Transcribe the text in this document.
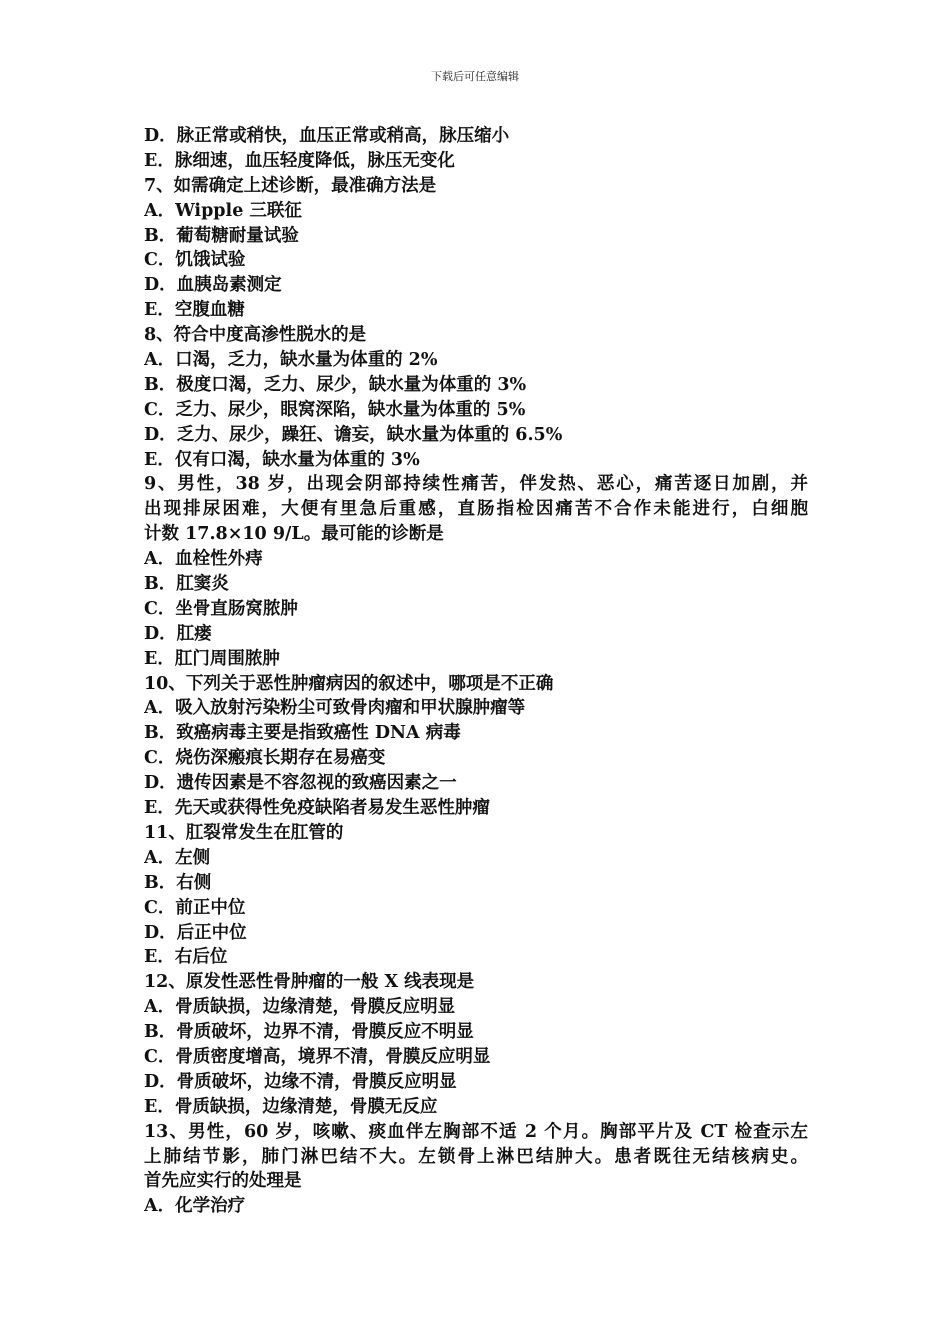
下载后可任意编辑
D．脉正常或稍快，血压正常或稍高，脉压缩小
E．脉细速，血压轻度降低，脉压无变化
7、如需确定上述诊断，最准确方法是
A．Wipple 三联征
B．葡萄糖耐量试验
C．饥饿试验
D．血胰岛素测定
E．空腹血糖
8、符合中度高渗性脱水的是
A．口渴，乏力，缺水量为体重的 2%
B．极度口渴，乏力、尿少，缺水量为体重的 3%
C．乏力、尿少，眼窝深陷，缺水量为体重的 5%
D．乏力、尿少，躁狂、谵妄，缺水量为体重的 6.5%
E．仅有口渴，缺水量为体重的 3%
9、男性，38 岁，出现会阴部持续性痛苦，伴发热、恶心，痛苦逐日加剧，并
出现排尿困难，大便有里急后重感，直肠指检因痛苦不合作未能进行，白细胞
计数 17.8×10 9/L。最可能的诊断是
A．血栓性外痔
B．肛窦炎
C．坐骨直肠窝脓肿
D．肛瘘
E．肛门周围脓肿
10、下列关于恶性肿瘤病因的叙述中，哪项是不正确
A．吸入放射污染粉尘可致骨肉瘤和甲状腺肿瘤等
B．致癌病毒主要是指致癌性 DNA 病毒
C．烧伤深瘢痕长期存在易癌变
D．遗传因素是不容忽视的致癌因素之一
E．先天或获得性免疫缺陷者易发生恶性肿瘤
11、肛裂常发生在肛管的
A．左侧
B．右侧
C．前正中位
D．后正中位
E．右后位
12、原发性恶性骨肿瘤的一般 X 线表现是
A．骨质缺损，边缘清楚，骨膜反应明显
B．骨质破坏，边界不清，骨膜反应不明显
C．骨质密度增高，境界不清，骨膜反应明显
D．骨质破坏，边缘不清，骨膜反应明显
E．骨质缺损，边缘清楚，骨膜无反应
13、男性，60 岁，咳嗽、痰血伴左胸部不适 2 个月。胸部平片及 CT 检查示左
上肺结节影，肺门淋巴结不大。左锁骨上淋巴结肿大。患者既往无结核病史。
首先应实行的处理是
A．化学治疗
